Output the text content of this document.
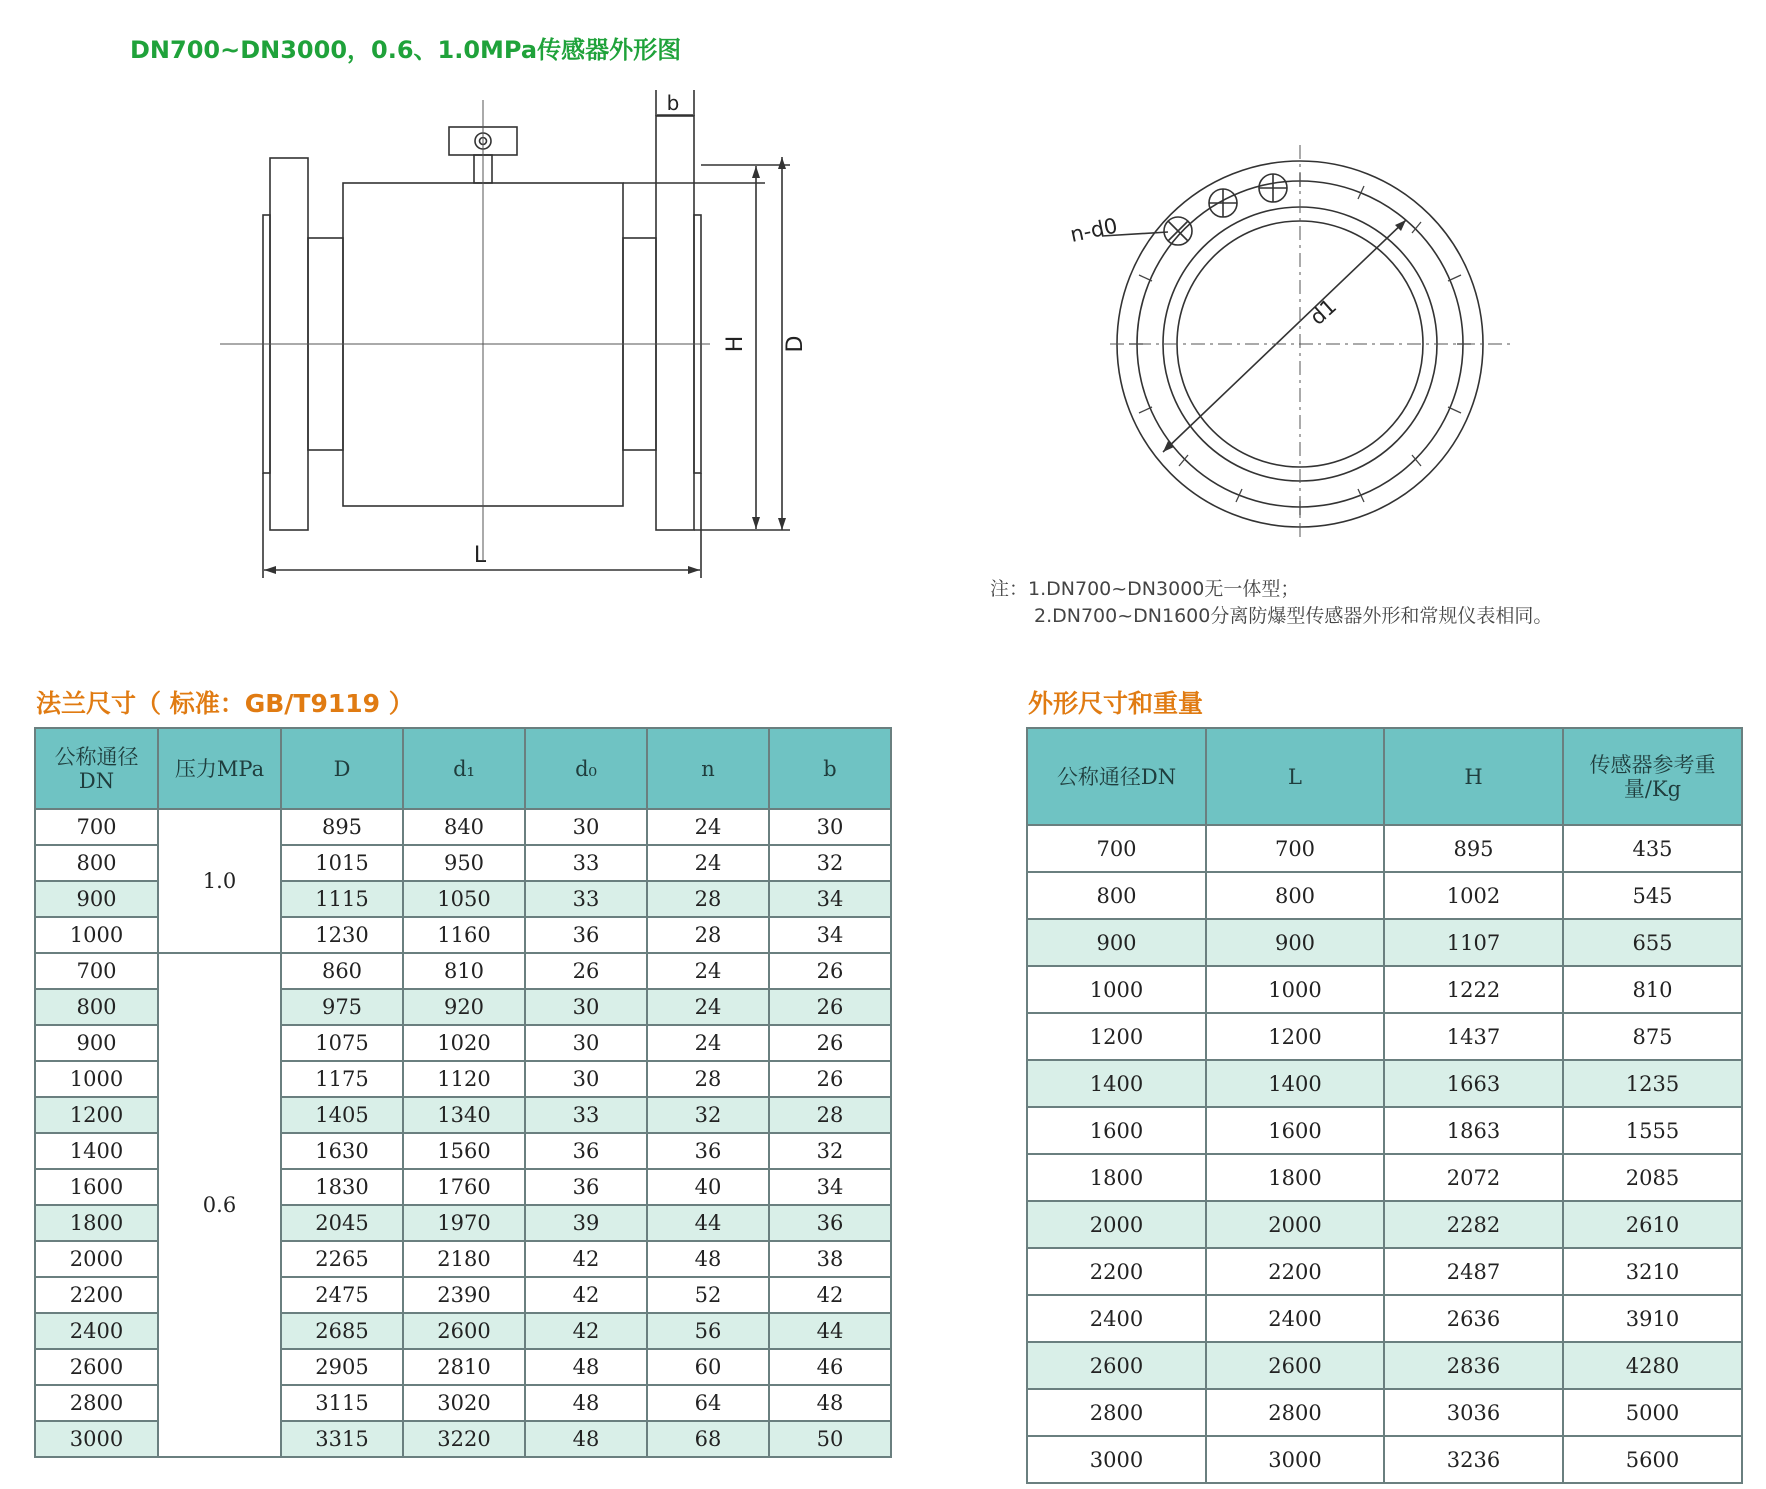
DN700~DN3000，0.6、1.0MPa传感器外形图
b
H D
L
n-d0
d1
注：1.DN700~DN3000无一体型；
2.DN700~DN1600分离防爆型传感器外形和常规仪表相同。
法兰尺寸（ 标准：GB/T9119 ）	外形尺寸和重量
公称通径DN	压力MPa	D	d₁	d₀	n	b
700	1.0	895	840	30	24	30
800		1015	950	33	24	32
900		1115	1050	33	28	34
1000		1230	1160	36	28	34
700	0.6	860	810	26	24	26
800		975	920	30	24	26
900		1075	1020	30	24	26
1000		1175	1120	30	28	26
1200		1405	1340	33	32	28
1400		1630	1560	36	36	32
1600		1830	1760	36	40	34
1800		2045	1970	39	44	36
2000		2265	2180	42	48	38
2200		2475	2390	42	52	42
2400		2685	2600	42	56	44
2600		2905	2810	48	60	46
2800		3115	3020	48	64	48
3000		3315	3220	48	68	50
公称通径DN	L	H	传感器参考重量/Kg
700	700	895	435
800	800	1002	545
900	900	1107	655
1000	1000	1222	810
1200	1200	1437	875
1400	1400	1663	1235
1600	1600	1863	1555
1800	1800	2072	2085
2000	2000	2282	2610
2200	2200	2487	3210
2400	2400	2636	3910
2600	2600	2836	4280
2800	2800	3036	5000
3000	3000	3236	5600
